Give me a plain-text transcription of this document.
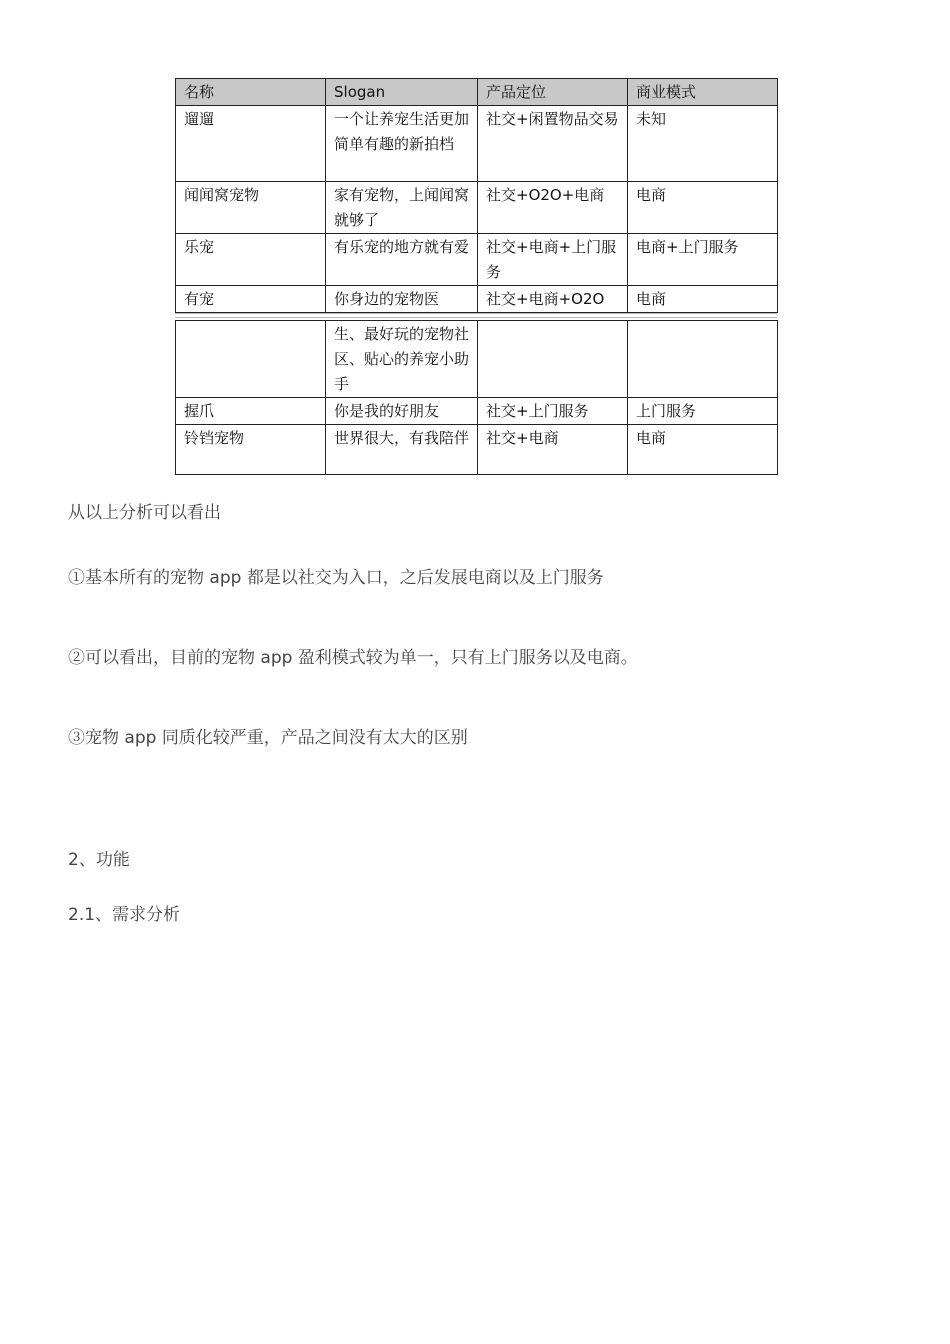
名称	Slogan	产品定位	商业模式
遛遛	一个让养宠生活更加简单有趣的新拍档	社交+闲置物品交易	未知
闻闻窝宠物	家有宠物，上闻闻窝就够了	社交+O2O+电商	电商
乐宠	有乐宠的地方就有爱	社交+电商+上门服务	电商+上门服务
有宠	你身边的宠物医	社交+电商+O2O	电商
	生、最好玩的宠物社区、贴心的养宠小助手		
握爪	你是我的好朋友	社交+上门服务	上门服务
铃铛宠物	世界很大，有我陪伴	社交+电商	电商
从以上分析可以看出
①基本所有的宠物 app 都是以社交为入口，之后发展电商以及上门服务
②可以看出，目前的宠物 app 盈利模式较为单一，只有上门服务以及电商。
③宠物 app 同质化较严重，产品之间没有太大的区别
2、功能
2.1、需求分析
